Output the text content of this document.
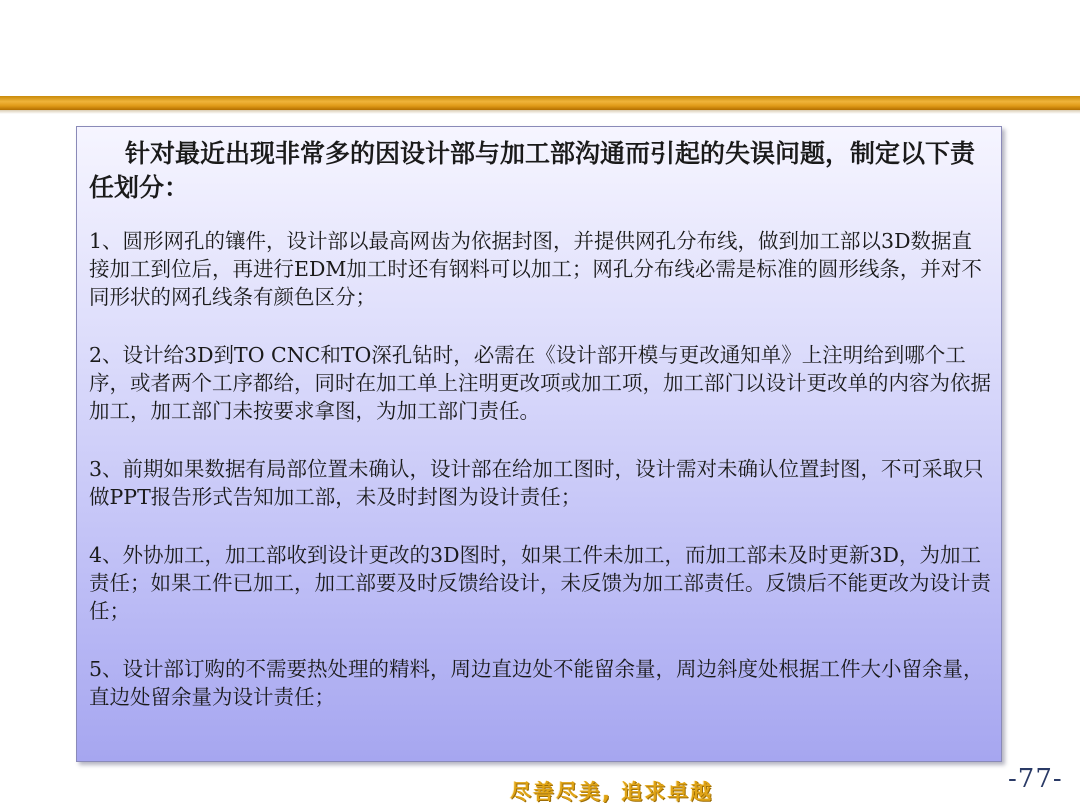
针对最近出现非常多的因设计部与加工部沟通而引起的失误问题，制定以下责任划分：

1、圆形网孔的镶件，设计部以最高网齿为依据封图，并提供网孔分布线，做到加工部以3D数据直接加工到位后，再进行EDM加工时还有钢料可以加工；网孔分布线必需是标准的圆形线条，并对不同形状的网孔线条有颜色区分；

2、设计给3D到TO CNC和TO深孔钻时，必需在《设计部开模与更改通知单》上注明给到哪个工序，或者两个工序都给，同时在加工单上注明更改项或加工项，加工部门以设计更改单的内容为依据加工，加工部门未按要求拿图，为加工部门责任。

3、前期如果数据有局部位置未确认，设计部在给加工图时，设计需对未确认位置封图，不可采取只做PPT报告形式告知加工部，未及时封图为设计责任；

4、外协加工，加工部收到设计更改的3D图时，如果工件未加工，而加工部未及时更新3D，为加工责任；如果工件已加工，加工部要及时反馈给设计，未反馈为加工部责任。反馈后不能更改为设计责任；

5、设计部订购的不需要热处理的精料，周边直边处不能留余量，周边斜度处根据工件大小留余量，直边处留余量为设计责任；

尽善尽美, 追求卓越	-77-
